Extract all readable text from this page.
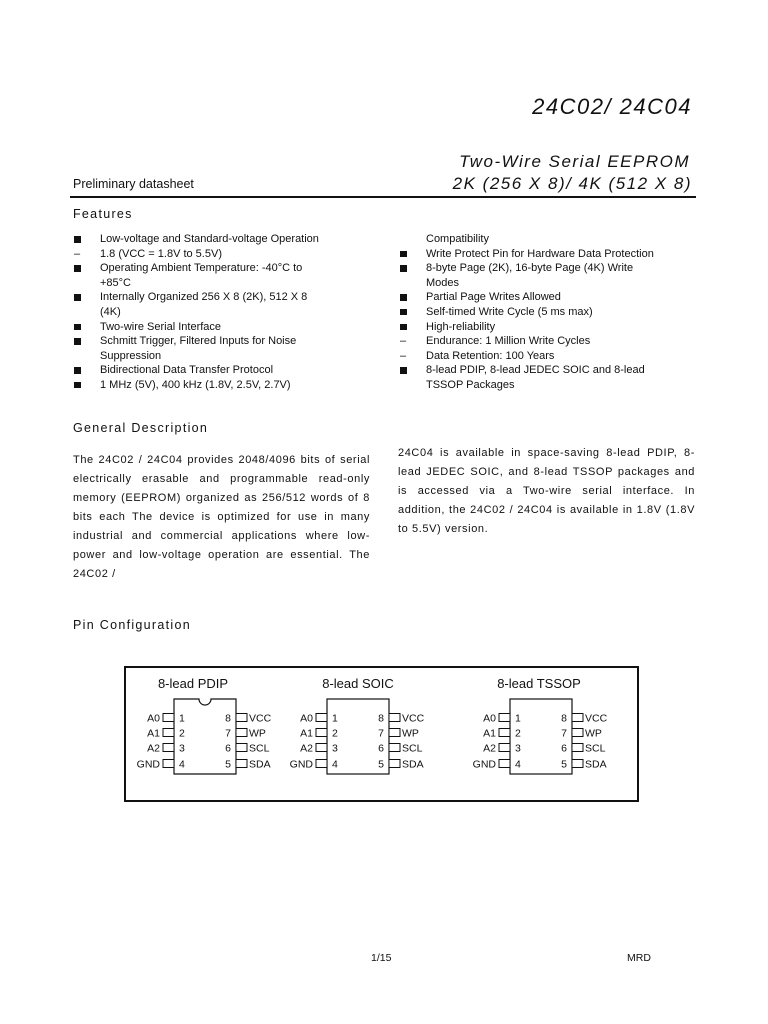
24C02/ 24C04
Two-Wire Serial EEPROM
2K (256 X 8)/ 4K (512 X 8)
Preliminary datasheet
Features
Low-voltage and Standard-voltage Operation
– 1.8 (VCC = 1.8V to 5.5V)
Operating Ambient Temperature: -40°C to
+85°C
Internally Organized 256 X 8 (2K), 512 X 8
(4K)
Two-wire Serial Interface
Schmitt Trigger, Filtered Inputs for Noise
Suppression
Bidirectional Data Transfer Protocol
1 MHz (5V), 400 kHz (1.8V, 2.5V, 2.7V)
Compatibility
Write Protect Pin for Hardware Data Protection
8-byte Page (2K), 16-byte Page (4K) Write
Modes
Partial Page Writes Allowed
Self-timed Write Cycle (5 ms max)
High-reliability
– Endurance: 1 Million Write Cycles
– Data Retention: 100 Years
8-lead PDIP, 8-lead JEDEC SOIC and 8-lead
TSSOP Packages
General Description
The 24C02 / 24C04 provides 2048/4096 bits of serial electrically erasable and programmable read-only memory (EEPROM) organized as 256/512 words of 8 bits each The device is optimized for use in many industrial and commercial applications where low-power and low-voltage operation are essential. The 24C02 /
24C04 is available in space-saving 8-lead PDIP, 8-lead JEDEC SOIC, and 8-lead TSSOP packages and is accessed via a Two-wire serial interface. In addition, the 24C02 / 24C04 is available in 1.8V (1.8V to 5.5V) version.
Pin Configuration
8-lead PDIP
A0 1
A1 2
A2 3
GND 4
8 VCC
7 WP
6 SCL
5 SDA
8-lead SOIC
A0 1
A1 2
A2 3
GND 4
8 VCC
7 WP
6 SCL
5 SDA
8-lead TSSOP
A0 1
A1 2
A2 3
GND 4
8 VCC
7 WP
6 SCL
5 SDA
1/15	MRD
